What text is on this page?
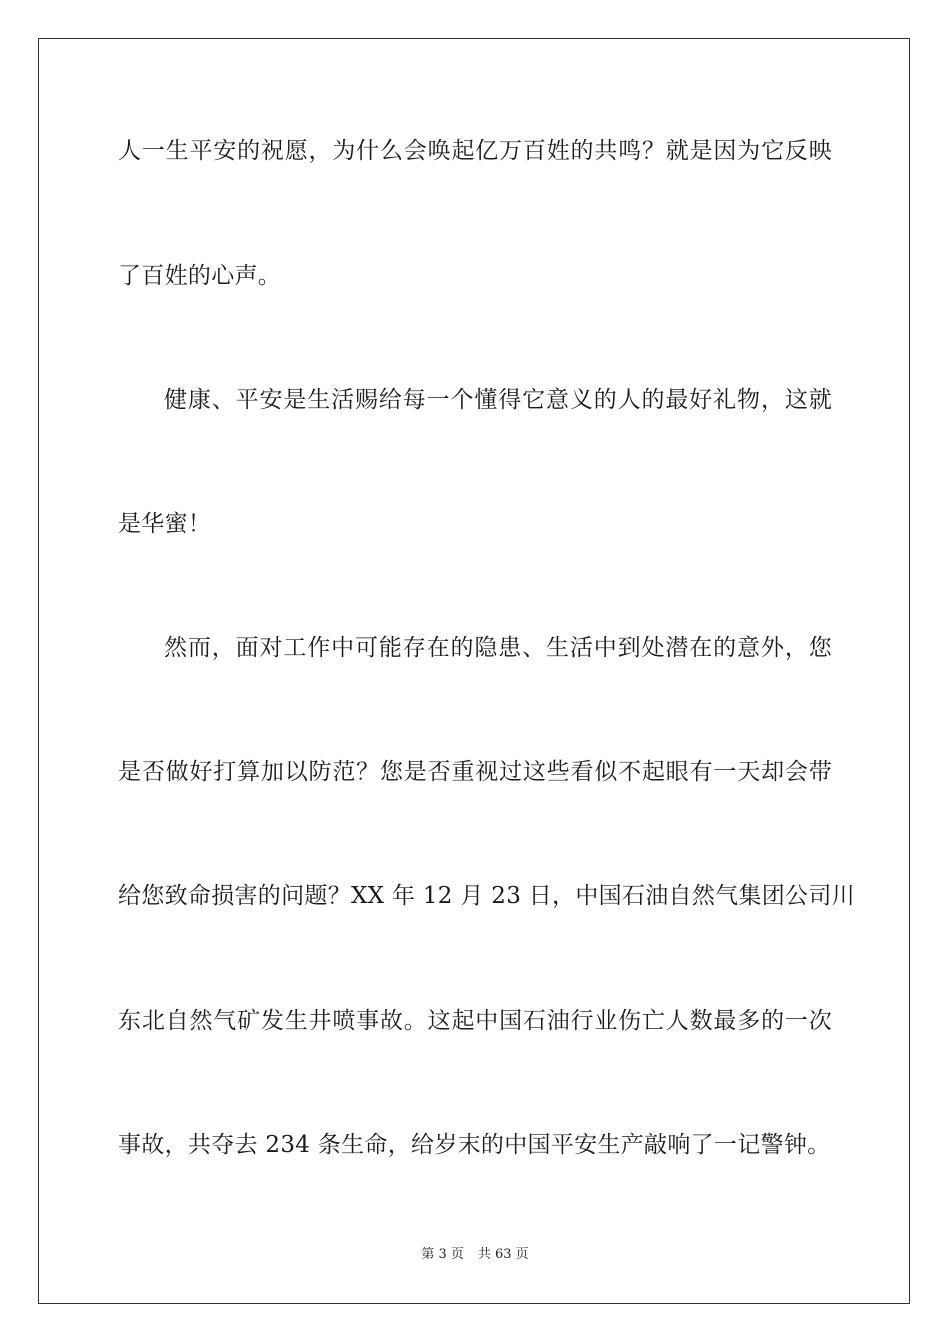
人一生平安的祝愿，为什么会唤起亿万百姓的共鸣？就是因为它反映
了百姓的心声。
健康、平安是生活赐给每一个懂得它意义的人的最好礼物，这就
是华蜜！
然而，面对工作中可能存在的隐患、生活中到处潜在的意外，您
是否做好打算加以防范？您是否重视过这些看似不起眼有一天却会带
给您致命损害的问题？XX 年 12 月 23 日，中国石油自然气集团公司川
东北自然气矿发生井喷事故。这起中国石油行业伤亡人数最多的一次
事故，共夺去 234 条生命，给岁末的中国平安生产敲响了一记警钟。
第 3 页 共 63 页
